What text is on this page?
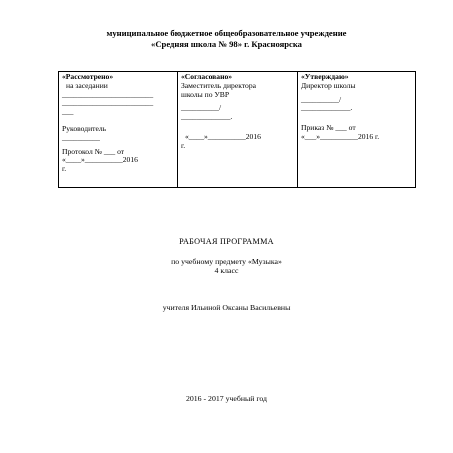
муниципальное бюджетное общеобразовательное учреждение
«Средняя школа № 98» г. Красноярска
«Рассмотрено»
на заседании
________________________
________________________
___
Руководитель
__________
Протокол № ___ от
«____»__________2016
г.

«Согласовано»
Заместитель директора
школы по УВР
__________/
_____________.
«____»__________2016
г.

«Утверждаю»
Директор школы
__________/
_____________.
Приказ № ___ от
«___»__________2016 г.
РАБОЧАЯ ПРОГРАММА
по учебному предмету «Музыка»
4 класс
учителя Ильиной Оксаны Васильевны
2016 - 2017 учебный год
